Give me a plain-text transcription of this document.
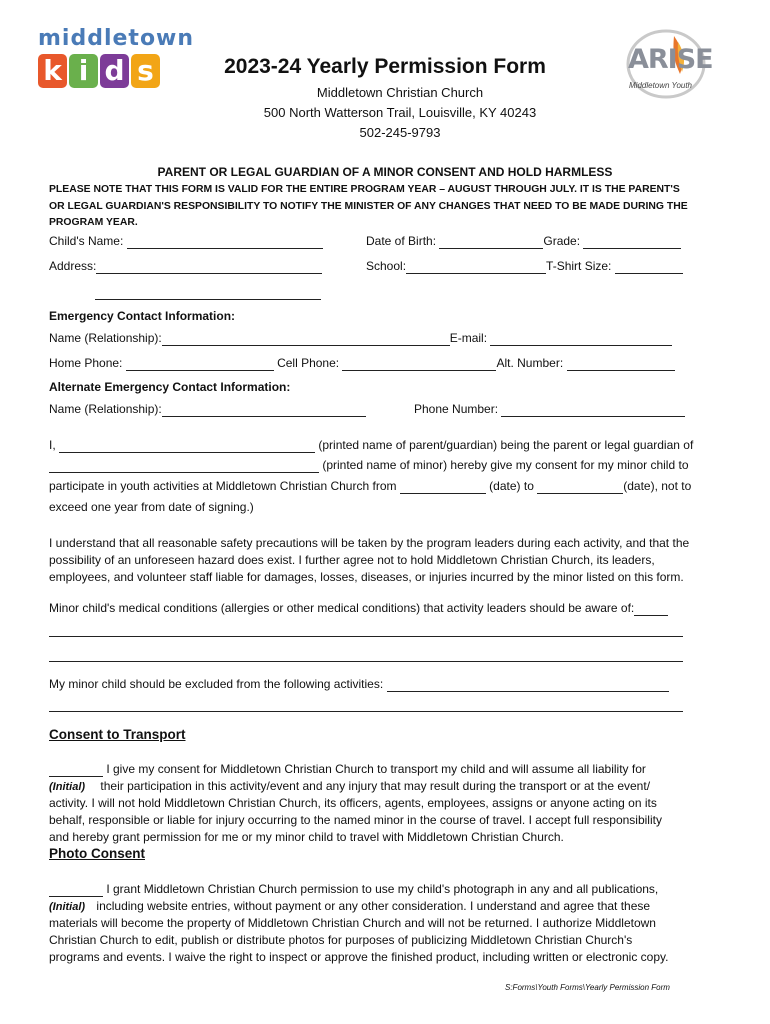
middletown
k i d s	ARISE
Middletown Youth
2023-24 Yearly Permission Form
Middletown Christian Church
500 North Watterson Trail, Louisville, KY 40243
502-245-9793
PARENT OR LEGAL GUARDIAN OF A MINOR CONSENT AND HOLD HARMLESS
PLEASE NOTE THAT THIS FORM IS VALID FOR THE ENTIRE PROGRAM YEAR – AUGUST THROUGH JULY. IT IS THE PARENT'S
OR LEGAL GUARDIAN'S RESPONSIBILITY TO NOTIFY THE MINISTER OF ANY CHANGES THAT NEED TO BE MADE DURING THE
PROGRAM YEAR.
Child's Name:	Date of Birth:	Grade:
Address:	School:	T-Shirt Size:
Emergency Contact Information:
Name (Relationship):	E-mail:
Home Phone:	Cell Phone:	Alt. Number:
Alternate Emergency Contact Information:
Name (Relationship):	Phone Number:
I,	(printed name of parent/guardian) being the parent or legal guardian of
(printed name of minor) hereby give my consent for my minor child to
participate in youth activities at Middletown Christian Church from	(date) to	(date), not to
exceed one year from date of signing.)
I understand that all reasonable safety precautions will be taken by the program leaders during each activity, and that the
possibility of an unforeseen hazard does exist. I further agree not to hold Middletown Christian Church, its leaders,
employees, and volunteer staff liable for damages, losses, diseases, or injuries incurred by the minor listed on this form.
Minor child's medical conditions (allergies or other medical conditions) that activity leaders should be aware of:
My minor child should be excluded from the following activities:
Consent to Transport
I give my consent for Middletown Christian Church to transport my child and will assume all liability for
(Initial) their participation in this activity/event and any injury that may result during the transport or at the event/
activity. I will not hold Middletown Christian Church, its officers, agents, employees, assigns or anyone acting on its
behalf, responsible or liable for injury occurring to the named minor in the course of travel. I accept full responsibility
and hereby grant permission for me or my minor child to travel with Middletown Christian Church.
Photo Consent
I grant Middletown Christian Church permission to use my child's photograph in any and all publications,
(Initial) including website entries, without payment or any other consideration. I understand and agree that these
materials will become the property of Middletown Christian Church and will not be returned. I authorize Middletown
Christian Church to edit, publish or distribute photos for purposes of publicizing Middletown Christian Church's
programs and events. I waive the right to inspect or approve the finished product, including written or electronic copy.
S:Forms\Youth Forms\Yearly Permission Form
